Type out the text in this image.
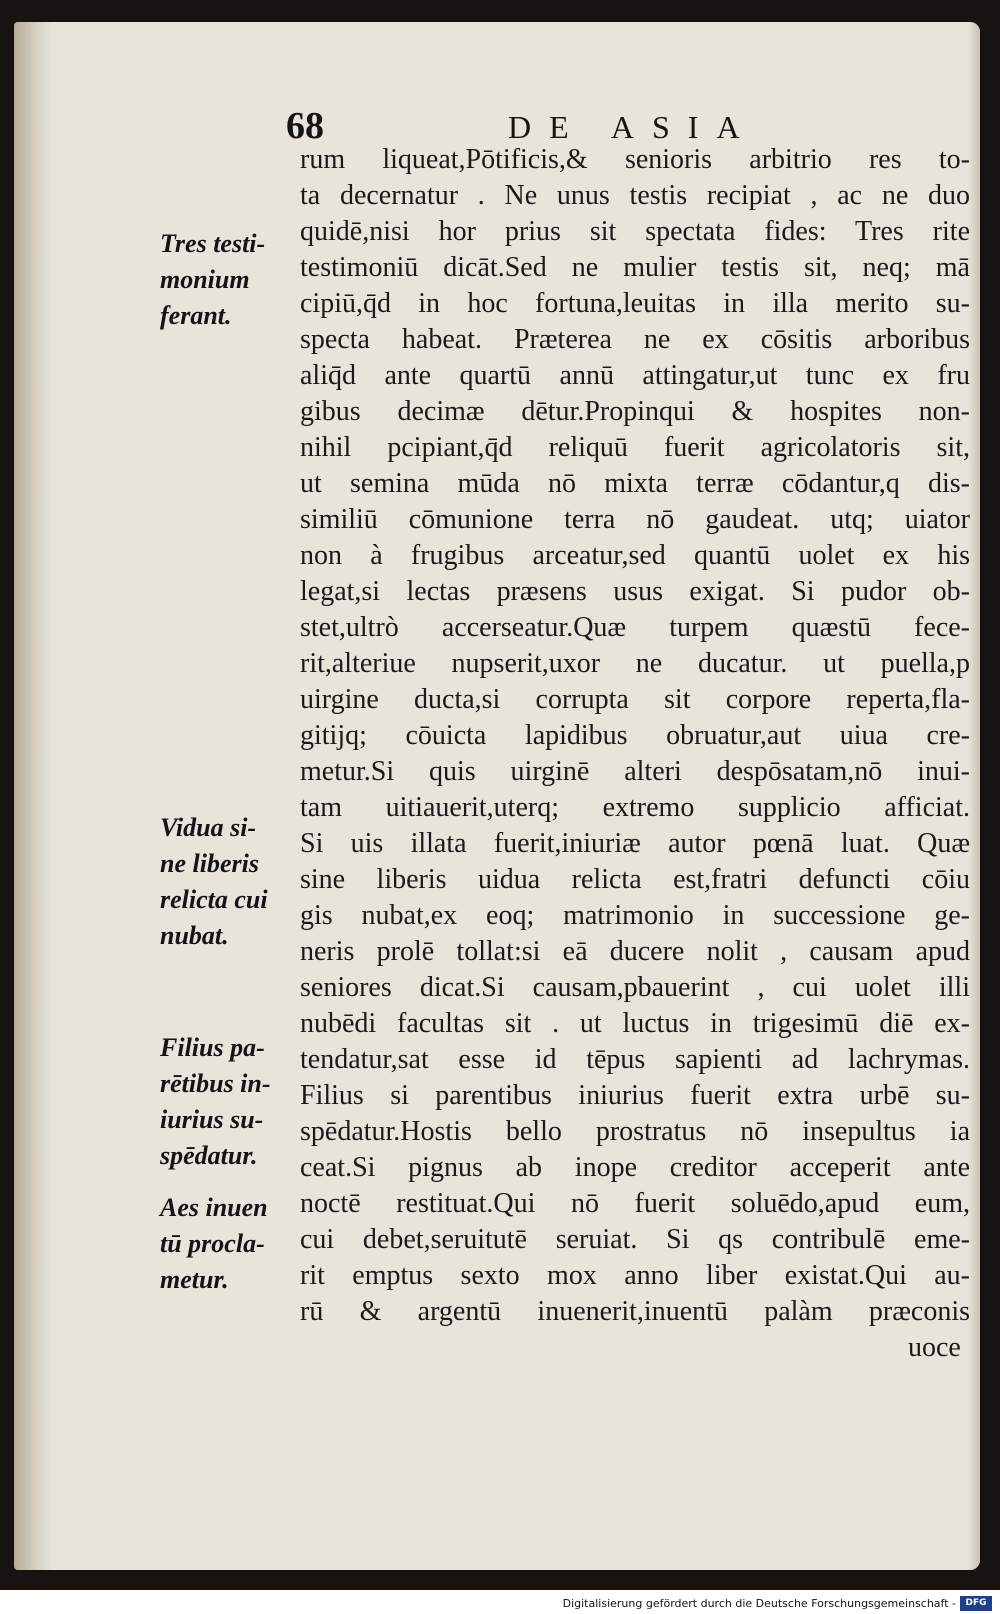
68	DE ASIA
rum liqueat,Pōtificis,& senioris arbitrio res to-
ta decernatur . Ne unus testis recipiat , ac ne duo
quidē,nisi hor prius sit spectata fides: Tres rite
testimoniū dicāt.Sed ne mulier testis sit, neq; mā
cipiū,q̄d in hoc fortuna,leuitas in illa merito su-
specta habeat. Præterea ne ex cōsitis arboribus
aliq̄d ante quartū annū attingatur,ut tunc ex fru
gibus decimæ dētur.Propinqui & hospites non-
nihil pcipiant,q̄d reliquū fuerit agricolatoris sit,
ut semina mūda nō mixta terræ cōdantur,q dis-
similiū cōmunione terra nō gaudeat. utq; uiator
non à frugibus arceatur,sed quantū uolet ex his
legat,si lectas præsens usus exigat. Si pudor ob-
stet,ultrò accerseatur.Quæ turpem quæstū fece-
rit,alteriue nupserit,uxor ne ducatur. ut puella,p
uirgine ducta,si corrupta sit corpore reperta,fla-
gitijq; cōuicta lapidibus obruatur,aut uiua cre-
metur.Si quis uirginē alteri despōsatam,nō inui-
tam uitiauerit,uterq; extremo supplicio afficiat.
Si uis illata fuerit,iniuriæ autor pœnā luat. Quæ
sine liberis uidua relicta est,fratri defuncti cōiu
gis nubat,ex eoq; matrimonio in successione ge-
neris prolē tollat:si eā ducere nolit , causam apud
seniores dicat.Si causam,pbauerint , cui uolet illi
nubēdi facultas sit . ut luctus in trigesimū diē ex-
tendatur,sat esse id tēpus sapienti ad lachrymas.
Filius si parentibus iniurius fuerit extra urbē su-
spēdatur.Hostis bello prostratus nō insepultus ia
ceat.Si pignus ab inope creditor acceperit ante
noctē restituat.Qui nō fuerit soluēdo,apud eum,
cui debet,seruitutē seruiat. Si qs contribulē eme-
rit emptus sexto mox anno liber existat.Qui au-
rū & argentū inuenerit,inuentū palàm præconis
uoce
Tres testi-
monium
ferant.
Vidua si-
ne liberis
relicta cui
nubat.
Filius pa-
rētibus in-
iurius su-
spēdatur.
Aes inuen
tū procla-
metur.
Digitalisierung gefördert durch die Deutsche Forschungsgemeinschaft -	DFG
